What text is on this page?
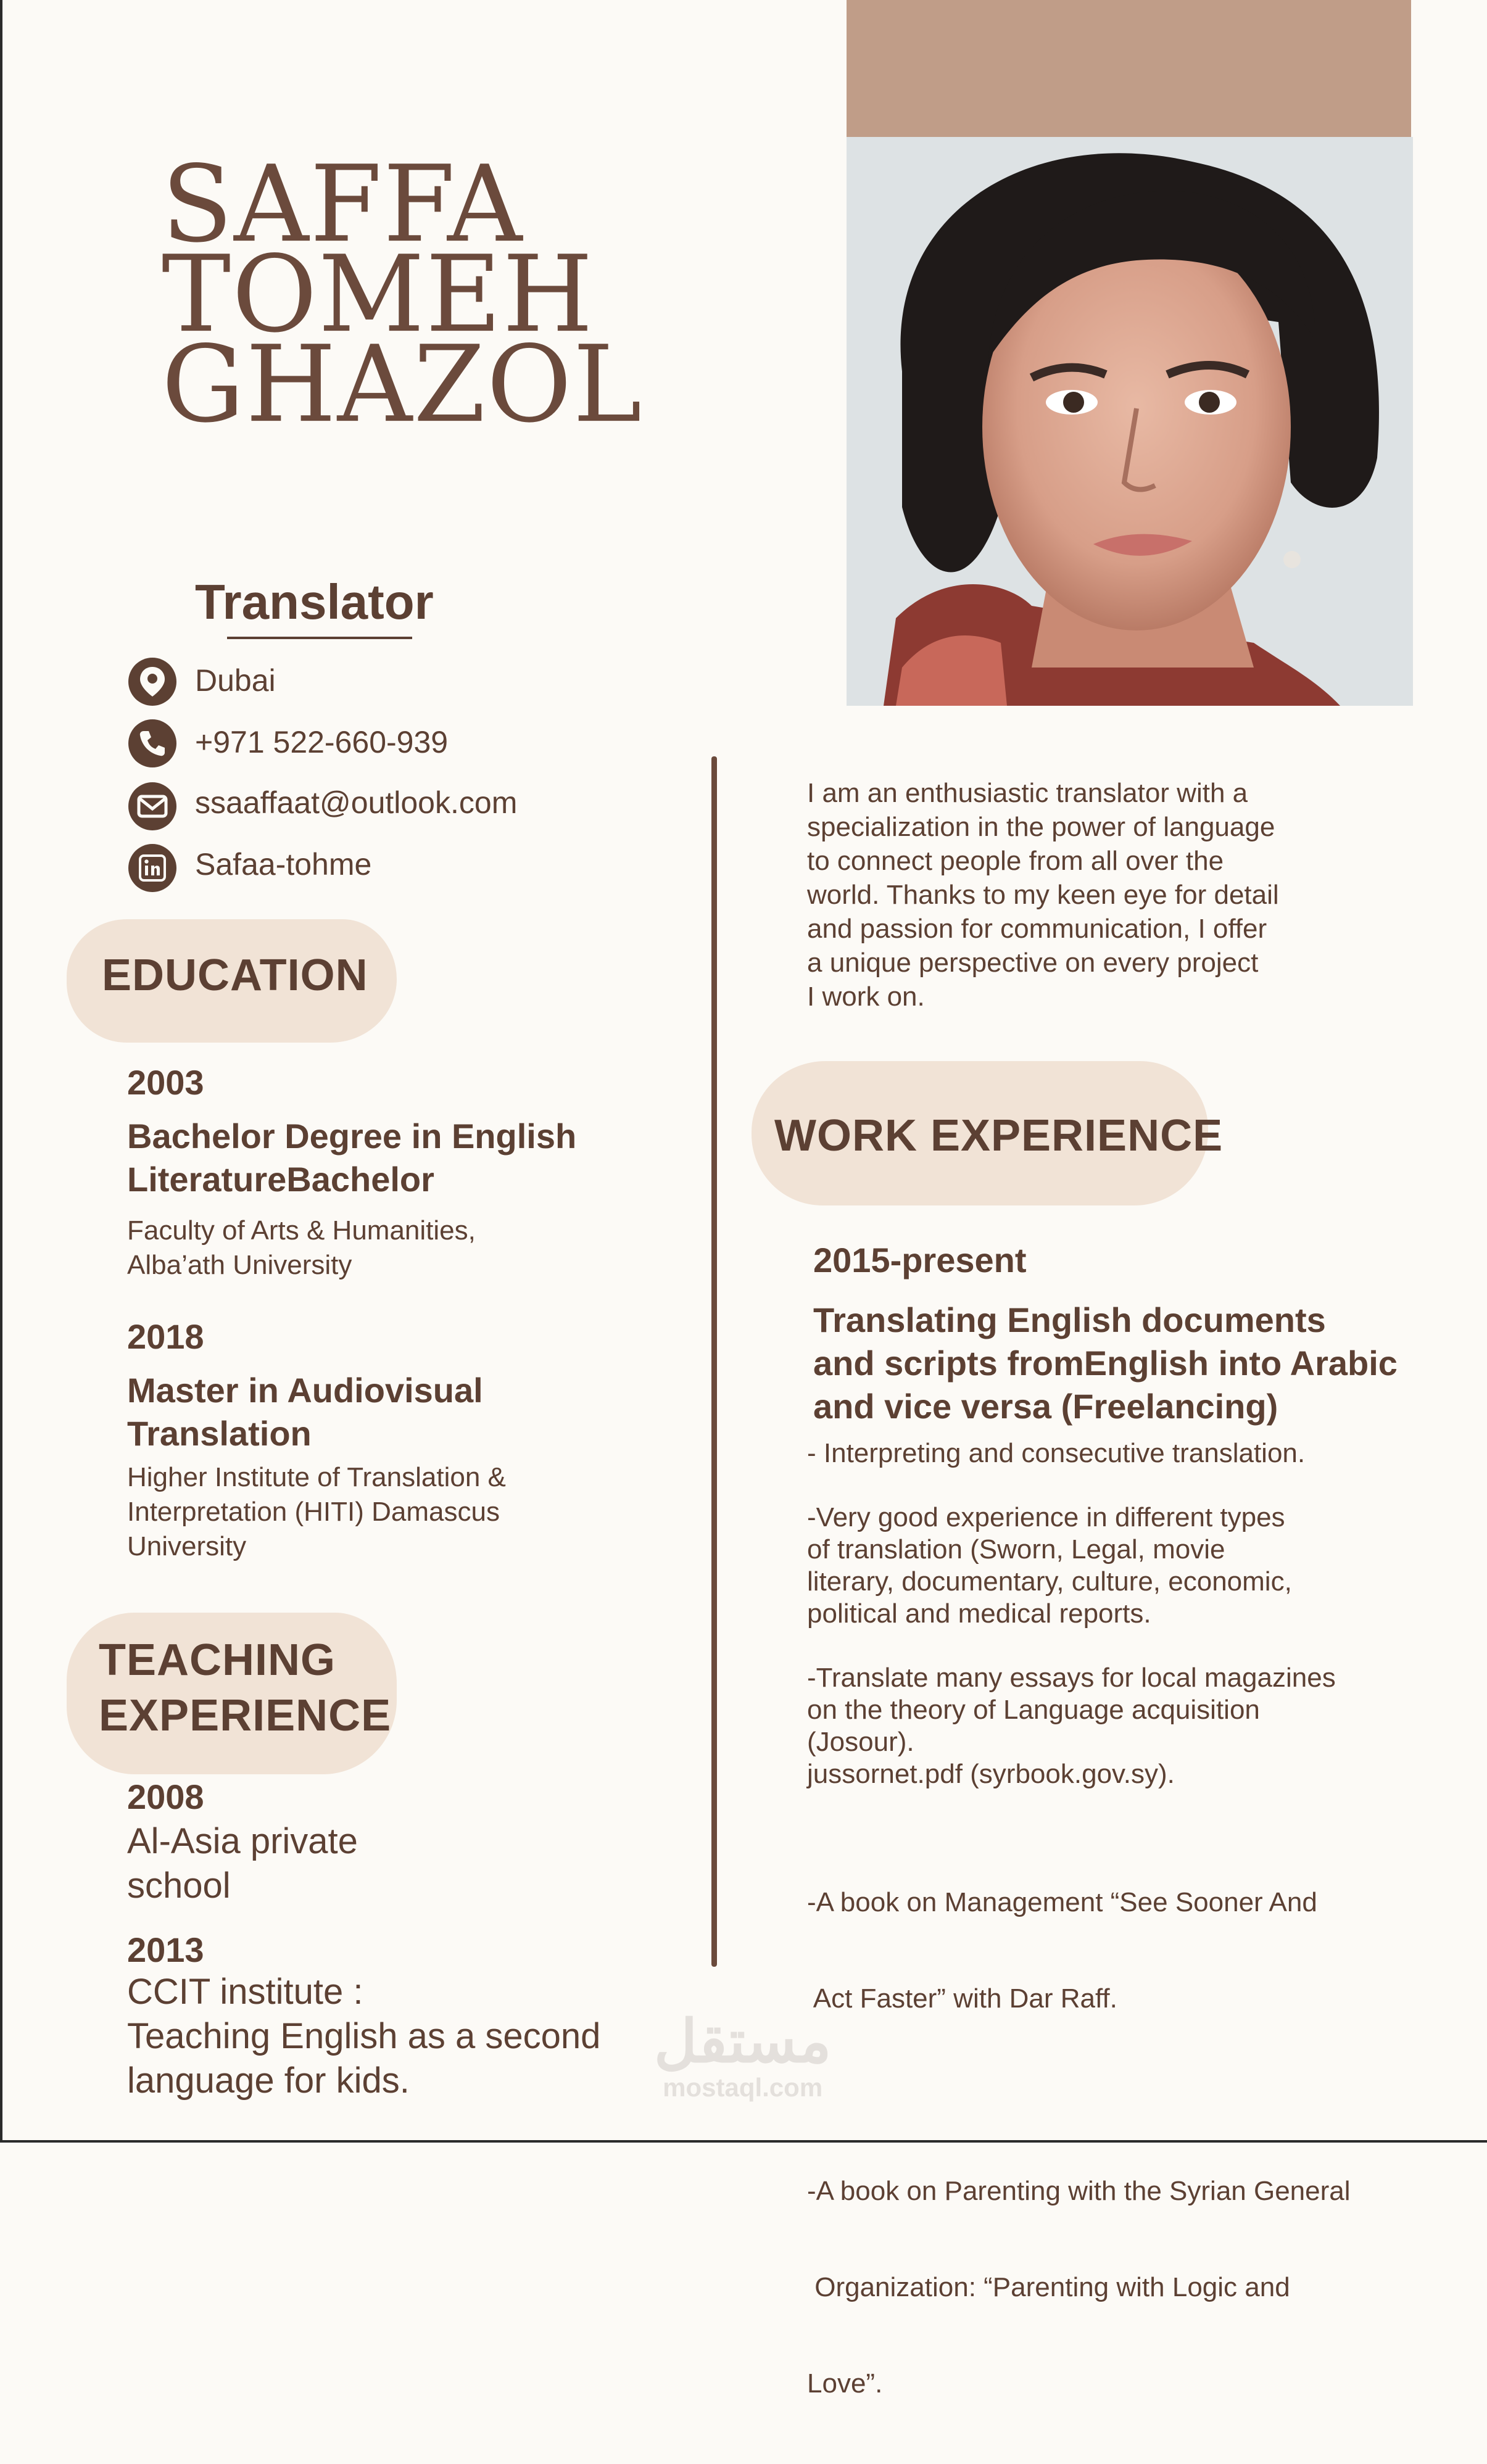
SAFFA
TOMEH
GHAZOL
Translator
Dubai
+971 522-660-939
ssaaffaat@outlook.com
Safaa-tohme
EDUCATION
2003
Bachelor Degree in English
LiteratureBachelor
Faculty of Arts & Humanities,
Alba’ath University
2018
Master in Audiovisual
Translation
Higher Institute of Translation &
Interpretation (HITI) Damascus
University
TEACHING
EXPERIENCE
2008
Al-Asia private
school
2013
CCIT institute :
Teaching English as a second
language for kids.
I am an enthusiastic translator with a
specialization in the power of language
to connect people from all over the
world. Thanks to my keen eye for detail
and passion for communication, I offer
a unique perspective on every project
I work on.
WORK EXPERIENCE
2015-present
Translating English documents
and scripts fromEnglish into Arabic
and vice versa (Freelancing)
- Interpreting and consecutive translation.
-Very good experience in different types
of translation (Sworn, Legal, movie
literary, documentary, culture, economic,
political and medical reports.
-Translate many essays for local magazines
on the theory of Language acquisition
(Josour).
jussornet.pdf (syrbook.gov.sy).

-A book on Management “See Sooner And

Act Faster” with Dar Raff.

-A book on Parenting with the Syrian General

Organization: “Parenting with Logic and

Love”.

مستقل
mostaql.com
